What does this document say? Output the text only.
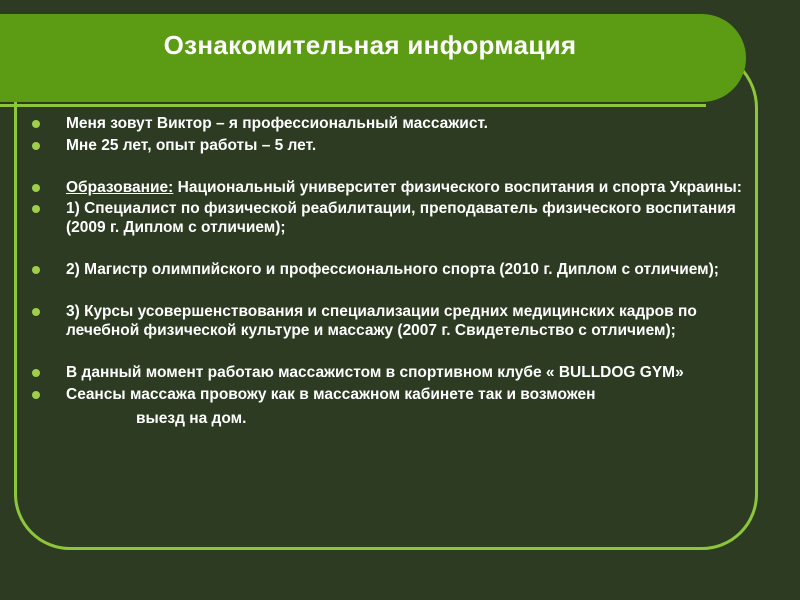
Ознакомительная информация
Меня зовут Виктор – я профессиональный массажист.
Мне 25 лет, опыт работы – 5 лет.
Образование: Национальный университет физического воспитания и спорта Украины:
1) Специалист по физической реабилитации, преподаватель физического воспитания (2009 г. Диплом с отличием);
2) Магистр олимпийского и профессионального спорта (2010 г. Диплом с отличием);
3) Курсы усовершенствования и специализации средних медицинских кадров по лечебной физической культуре и массажу (2007 г. Свидетельство с отличием);
В данный момент работаю массажистом в спортивном клубе « BULLDOG GYM»
Сеансы массажа провожу как в массажном кабинете так и возможен
выезд на дом.
